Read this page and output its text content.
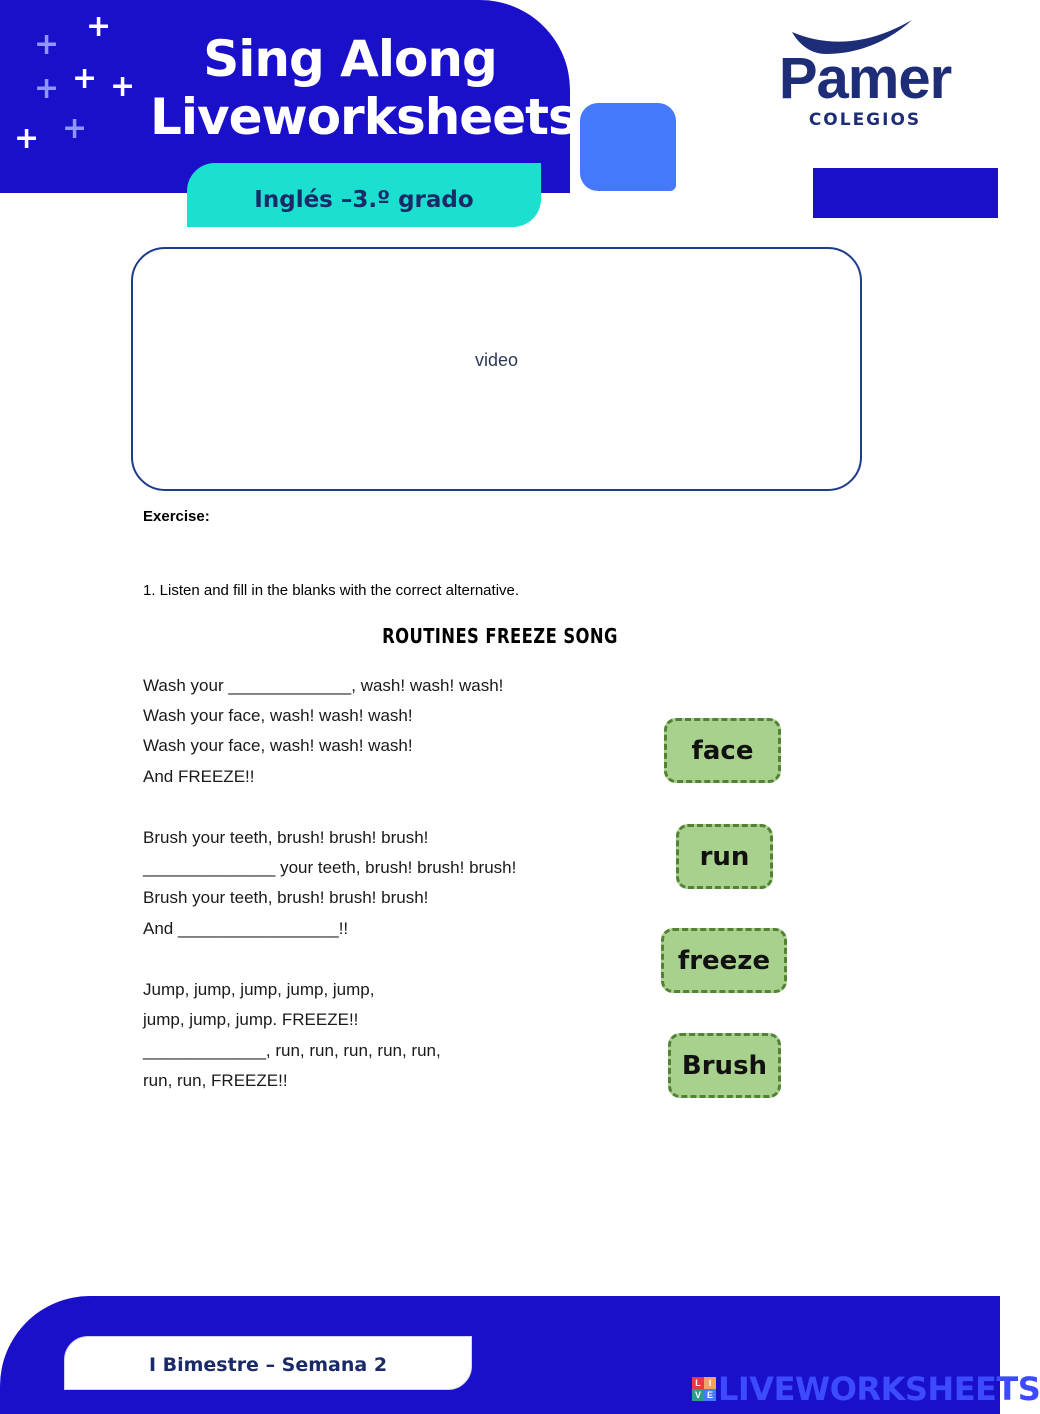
+
+
+
+ +
+
+
Sing Along
Liveworksheets
Inglés –3.º grado
Pamer
COLEGIOS
video
Exercise:
1. Listen and fill in the blanks with the correct alternative.
ROUTINES FREEZE SONG
Wash your _____________, wash! wash! wash!
Wash your face, wash! wash! wash!
Wash your face, wash! wash! wash!
And FREEZE!!
Brush your teeth, brush! brush! brush!
______________ your teeth, brush! brush! brush!
Brush your teeth, brush! brush! brush!
And _________________!!
Jump, jump, jump, jump, jump,
jump, jump, jump. FREEZE!!
_____________, run, run, run, run, run,
run, run, FREEZE!!
face
run
freeze
Brush
I Bimestre – Semana 2
L I
V E LIVEWORKSHEETS
